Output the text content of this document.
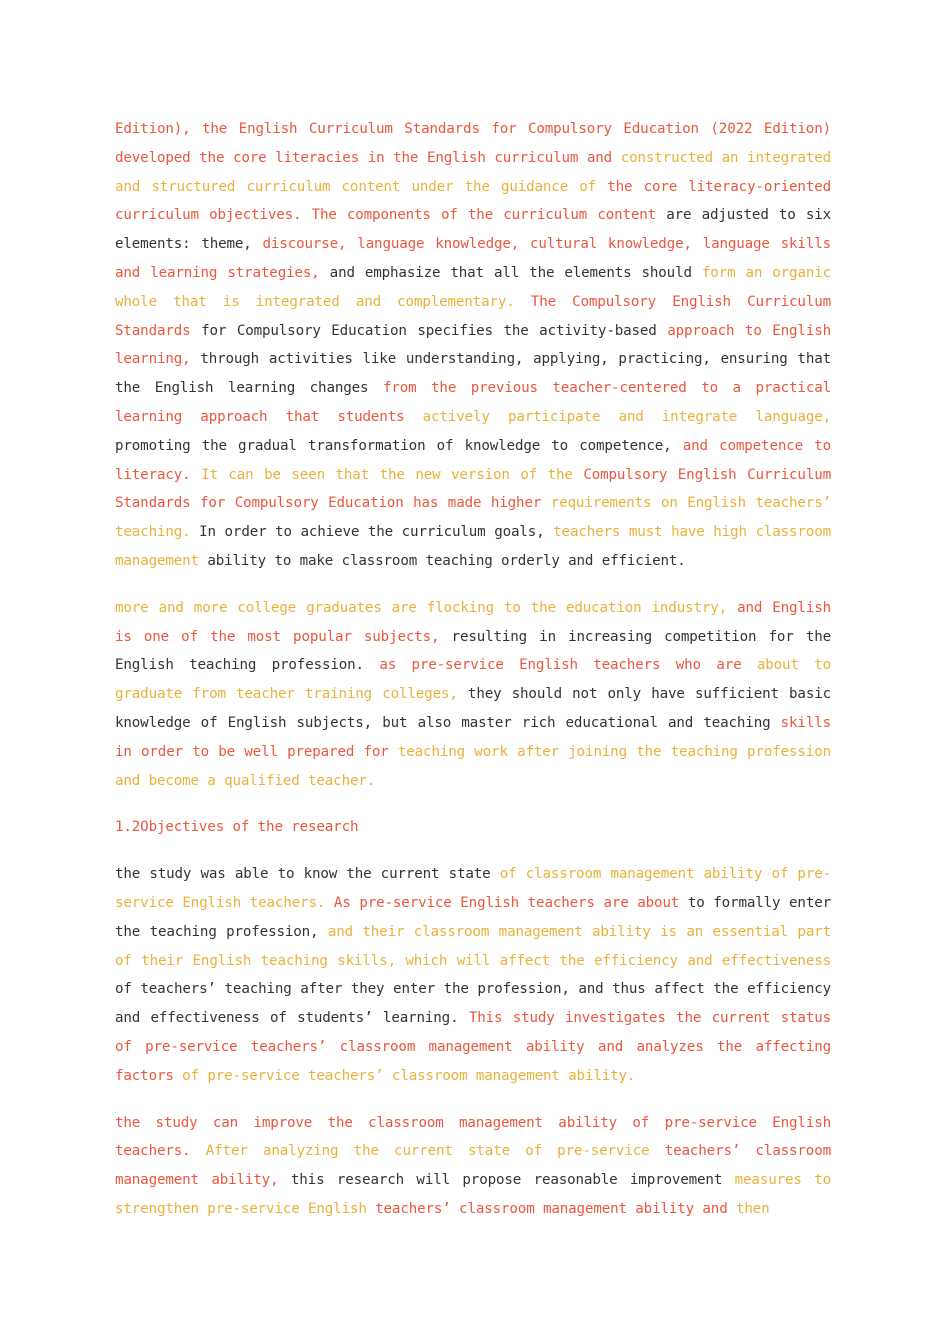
Edition), the English Curriculum Standards for Compulsory Education (2022 Edition) developed the core literacies in the English curriculum and constructed an integrated and structured curriculum content under the guidance of the core literacy-oriented curriculum objectives. The components of the curriculum content are adjusted to six elements: theme, discourse, language knowledge, cultural knowledge, language skills and learning strategies, and emphasize that all the elements should form an organic whole that is integrated and complementary. The Compulsory English Curriculum Standards for Compulsory Education specifies the activity-based approach to English learning, through activities like understanding, applying, practicing, ensuring that the English learning changes from the previous teacher-centered to a practical learning approach that students actively participate and integrate language, promoting the gradual transformation of knowledge to competence, and competence to literacy. It can be seen that the new version of the Compulsory English Curriculum Standards for Compulsory Education has made higher requirements on English teachers’ teaching. In order to achieve the curriculum goals, teachers must have high classroom management ability to make classroom teaching orderly and efficient.

more and more college graduates are flocking to the education industry, and English is one of the most popular subjects, resulting in increasing competition for the English teaching profession. as pre-service English teachers who are about to graduate from teacher training colleges, they should not only have sufficient basic knowledge of English subjects, but also master rich educational and teaching skills in order to be well prepared for teaching work after joining the teaching profession and become a qualified teacher.

1.2Objectives of the research

the study was able to know the current state of classroom management ability of pre-service English teachers. As pre-service English teachers are about to formally enter the teaching profession, and their classroom management ability is an essential part of their English teaching skills, which will affect the efficiency and effectiveness of teachers’ teaching after they enter the profession, and thus affect the efficiency and effectiveness of students’ learning. This study investigates the current status of pre-service teachers’ classroom management ability and analyzes the affecting factors of pre-service teachers’ classroom management ability.

the study can improve the classroom management ability of pre-service English teachers. After analyzing the current state of pre-service teachers’ classroom management ability, this research will propose reasonable improvement measures to strengthen pre-service English teachers’ classroom management ability and then
